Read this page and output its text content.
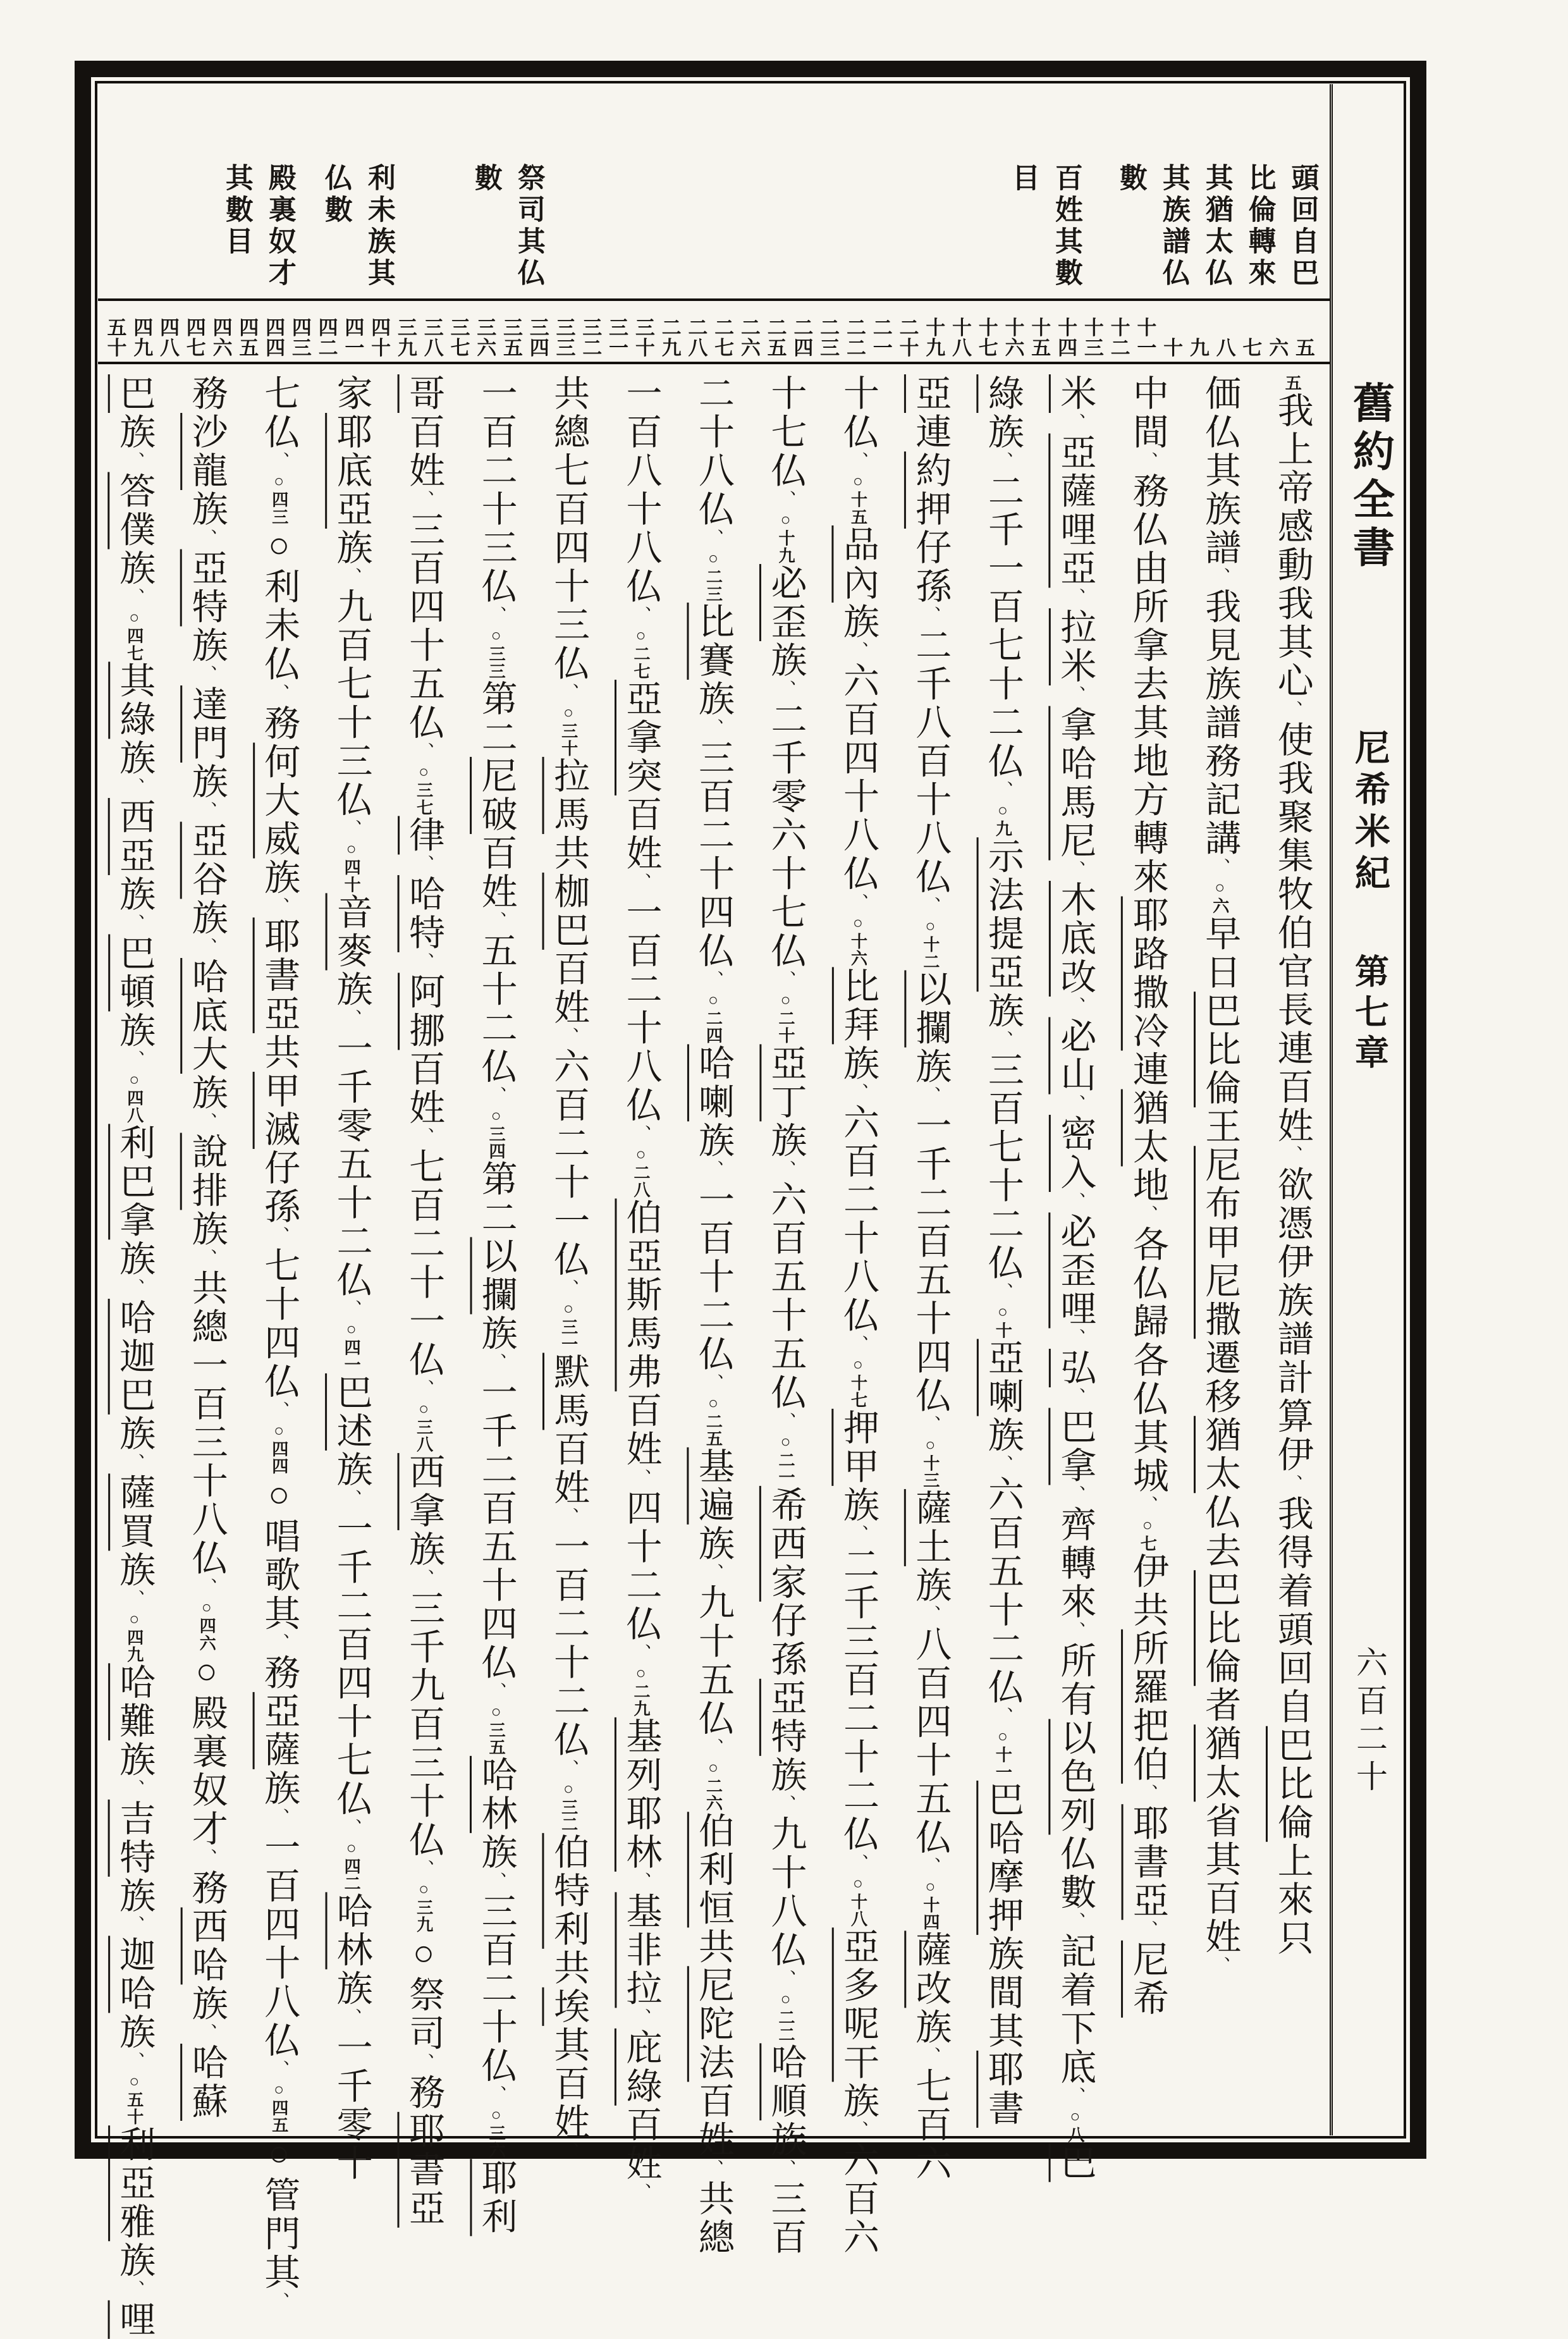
頭回自巴
比倫轉來
其猶太仏
其族譜仏
數
百姓其數
目
祭司其仏
數
利未族其
仏數
殿裏奴才
其數目
五
六
七
八
九
十
十
一
十
二
十
三
十
四
十
五
十
六
十
七
十
八
十
九
二
十
二
一
二
二
二
三
二
四
二
五
二
六
二
七
二
八
二
九
三
十
三
一
三
二
三
三
三
四
三
五
三
六
三
七
三
八
三
九
四
十
四
一
四
二
四
三
四
四
四
五
四
六
四
七
四
八
四
九
五
十
五我上帝感動我其心、使我聚集牧伯官長連百姓、欲憑伊族譜計算伊、我得着頭回自巴比倫上來只
価仏其族譜、我見族譜務記講、○六早日巴比倫王尼布甲尼撒遷移猶太仏去巴比倫者猶太省其百姓、
中間、務仏由所拿去其地方轉來耶路撒冷連猶太地、各仏歸各仏其城、○七伊共所羅把伯、耶書亞、尼希
米、亞薩哩亞、拉米、拿哈馬尼、木底改、必山、密入、必歪哩、弘、巴拿、齊轉來、所有以色列仏數、記着下底、○八巴
綠族、二千一百七十二仏、○九示法提亞族、三百七十二仏、○十亞喇族、六百五十二仏、○十一巴哈摩押族間其耶書
亞連約押仔孫、二千八百十八仏、○十二以攔族、一千二百五十四仏、○十三薩土族、八百四十五仏、○十四薩改族、七百六
十仏、○十五品內族、六百四十八仏、○十六比拜族、六百二十八仏、○十七押甲族、二千三百二十二仏、○十八亞多呢干族、六百六
十七仏、○十九必歪族、二千零六十七仏、○二十亞丁族、六百五十五仏、○二一希西家仔孫亞特族、九十八仏、○二二哈順族、三百
二十八仏、○二三比賽族、三百二十四仏、○二四哈喇族、一百十二仏、○二五基遍族、九十五仏、○二六伯利恒共尼陀法百姓、共總
一百八十八仏、○二七亞拿突百姓、一百二十八仏、○二八伯亞斯馬弗百姓、四十二仏、○二九基列耶林、基非拉、庇綠百姓、
共總七百四十三仏、○三十拉馬共枷巴百姓、六百二十一仏、○三一默馬百姓、一百二十二仏、○三二伯特利共埃其百姓、
一百二十三仏、○三三第二尼破百姓、五十二仏、○三四第二以攔族、一千二百五十四仏、○三五哈林族、三百二十仏、○三六耶利
哥百姓、三百四十五仏、○三七律、哈特、阿挪百姓、七百二十一仏、○三八西拿族、三千九百三十仏、○三九○祭司、務耶書亞
家耶底亞族、九百七十三仏、○四十音麥族、一千零五十二仏、○四一巴述族、一千二百四十七仏、○四二哈林族、一千零十
七仏、○四三○利未仏、務何大威族、耶書亞共甲滅仔孫、七十四仏、○四四○唱歌其、務亞薩族、一百四十八仏、○四五○管門其、
務沙龍族、亞特族、達門族、亞谷族、哈底大族、說排族、共總一百三十八仏、○四六○殿裏奴才、務西哈族、哈蘇
巴族、答僕族、○四七其綠族、西亞族、巴頓族、○四八利巴拿族、哈迦巴族、薩買族、○四九哈難族、吉特族、迦哈族、○五十利亞雅族、哩
舊約全書
尼希米紀
第七章
六百二十
